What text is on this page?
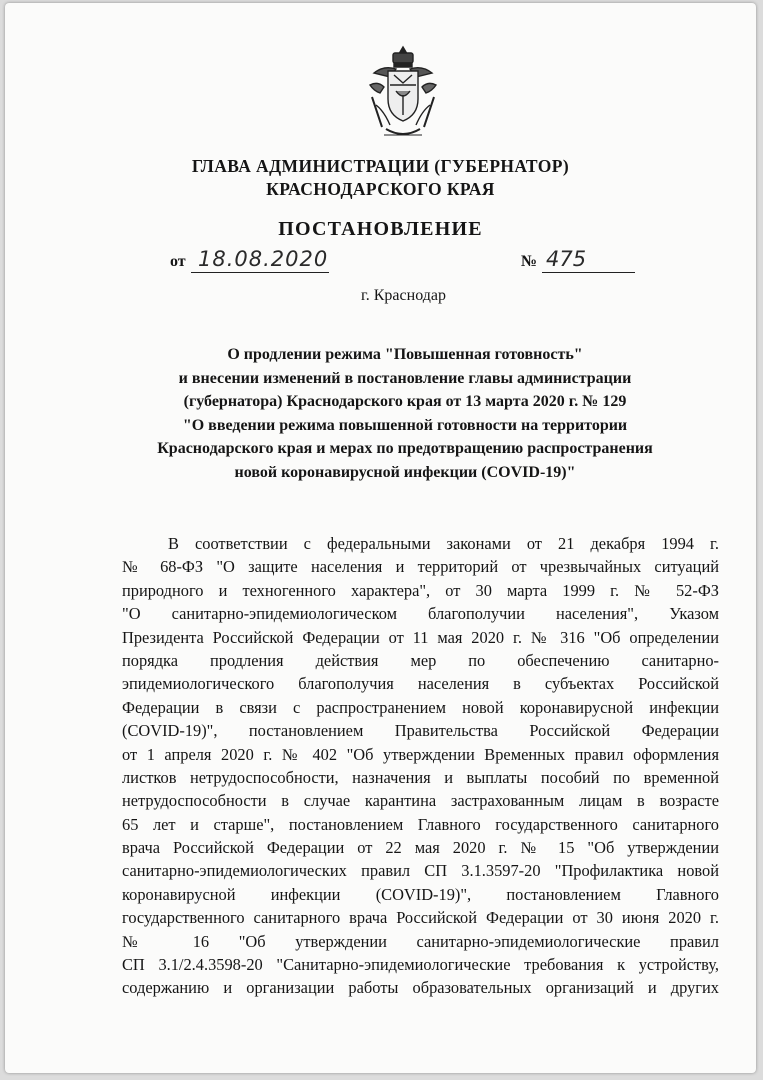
ГЛАВА АДМИНИСТРАЦИИ (ГУБЕРНАТОР)
КРАСНОДАРСКОГО КРАЯ
ПОСТАНОВЛЕНИЕ
от 18.08.2020	№ 475
г. Краснодар
О продлении режима "Повышенная готовность"
и внесении изменений в постановление главы администрации
(губернатора) Краснодарского края от 13 марта 2020 г. № 129
"О введении режима повышенной готовности на территории
Краснодарского края и мерах по предотвращению распространения
новой коронавирусной инфекции (COVID-19)"
В соответствии с федеральными законами от 21 декабря 1994 г.
№ 68-ФЗ "О защите населения и территорий от чрезвычайных ситуаций
природного и техногенного характера", от 30 марта 1999 г. № 52-ФЗ
"О санитарно-эпидемиологическом благополучии населения", Указом
Президента Российской Федерации от 11 мая 2020 г. № 316 "Об определении
порядка продления действия мер по обеспечению санитарно-
эпидемиологического благополучия населения в субъектах Российской
Федерации в связи с распространением новой коронавирусной инфекции
(COVID-19)", постановлением Правительства Российской Федерации
от 1 апреля 2020 г. № 402 "Об утверждении Временных правил оформления
листков нетрудоспособности, назначения и выплаты пособий по временной
нетрудоспособности в случае карантина застрахованным лицам в возрасте
65 лет и старше", постановлением Главного государственного санитарного
врача Российской Федерации от 22 мая 2020 г. № 15 "Об утверждении
санитарно-эпидемиологических правил СП 3.1.3597-20 "Профилактика новой
коронавирусной инфекции (COVID-19)", постановлением Главного
государственного санитарного врача Российской Федерации от 30 июня 2020 г.
№ 16 "Об утверждении санитарно-эпидемиологические правил
СП 3.1/2.4.3598-20 "Санитарно-эпидемиологические требования к устройству,
содержанию и организации работы образовательных организаций и других
